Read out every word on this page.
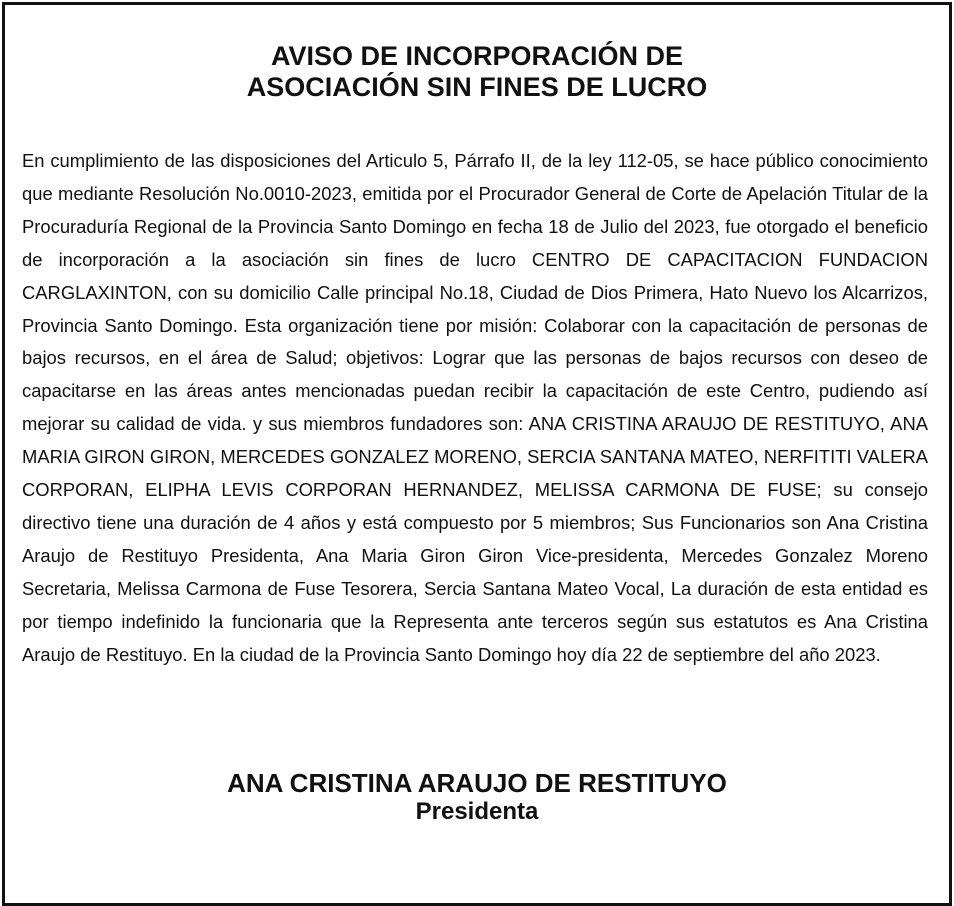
AVISO DE INCORPORACIÓN DE
ASOCIACIÓN SIN FINES DE LUCRO

En cumplimiento de las disposiciones del Articulo 5, Párrafo II, de la ley 112-05, se hace público conocimiento que mediante Resolución No.0010-2023, emitida por el Procurador General de Corte de Apelación Titular de la Procuraduría Regional de la Provincia Santo Domingo en fecha 18 de Julio del 2023, fue otorgado el beneficio de incorporación a la asociación sin fines de lucro CENTRO DE CAPACITACION FUNDACION CARGLAXINTON, con su domicilio Calle principal No.18, Ciudad de Dios Primera, Hato Nuevo los Alcarrizos, Provincia Santo Domingo. Esta organización tiene por misión: Colaborar con la capacitación de personas de bajos recursos, en el área de Salud; objetivos: Lograr que las personas de bajos recursos con deseo de capacitarse en las áreas antes mencionadas puedan recibir la capacitación de este Centro, pudiendo así mejorar su calidad de vida. y sus miembros fundadores son: ANA CRISTINA ARAUJO DE RESTITUYO, ANA MARIA GIRON GIRON, MERCEDES GONZALEZ MORENO, SERCIA SANTANA MATEO, NERFITITI VALERA CORPORAN, ELIPHA LEVIS CORPORAN HERNANDEZ, MELISSA CARMONA DE FUSE; su consejo directivo tiene una duración de 4 años y está compuesto por 5 miembros; Sus Funcionarios son Ana Cristina Araujo de Restituyo Presidenta, Ana Maria Giron Giron Vice-presidenta, Mercedes Gonzalez Moreno Secretaria, Melissa Carmona de Fuse Tesorera, Sercia Santana Mateo Vocal, La duración de esta entidad es por tiempo indefinido la funcionaria que la Representa ante terceros según sus estatutos es Ana Cristina Araujo de Restituyo. En la ciudad de la Provincia Santo Domingo hoy día 22 de septiembre del año 2023.

ANA CRISTINA ARAUJO DE RESTITUYO
Presidenta
